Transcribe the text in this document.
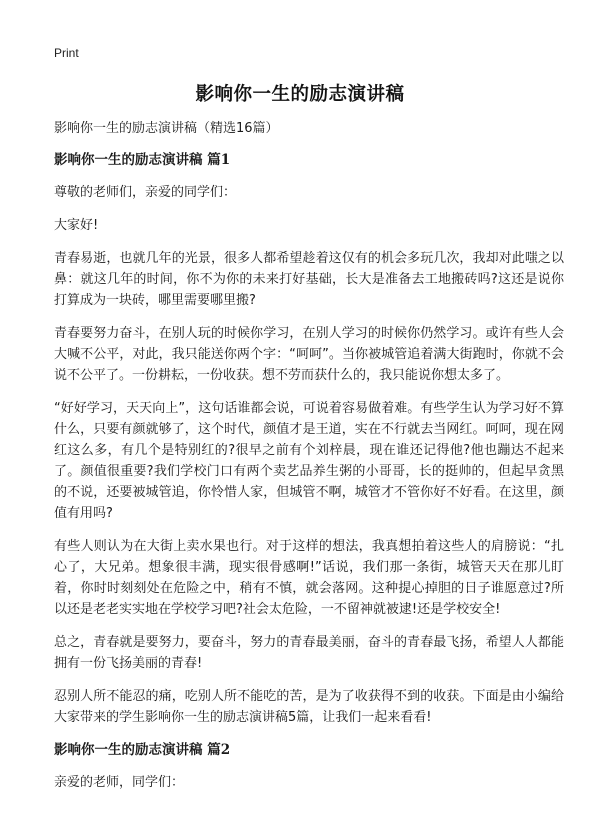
Print
影响你一生的励志演讲稿

影响你一生的励志演讲稿（精选16篇）

影响你一生的励志演讲稿 篇1

尊敬的老师们，亲爱的同学们：

大家好!

青春易逝，也就几年的光景，很多人都希望趁着这仅有的机会多玩几次，我却对此嗤之以鼻：就这几年的时间，你不为你的未来打好基础，长大是准备去工地搬砖吗?这还是说你打算成为一块砖，哪里需要哪里搬?

青春要努力奋斗，在别人玩的时候你学习，在别人学习的时候你仍然学习。或许有些人会大喊不公平，对此，我只能送你两个字：“呵呵”。当你被城管追着满大街跑时，你就不会说不公平了。一份耕耘，一份收获。想不劳而获什么的，我只能说你想太多了。

“好好学习，天天向上”，这句话谁都会说，可说着容易做着难。有些学生认为学习好不算什么，只要有颜就够了，这个时代，颜值才是王道，实在不行就去当网红。呵呵，现在网红这么多，有几个是特别红的?很早之前有个刘梓晨，现在谁还记得他?他也蹦达不起来了。颜值很重要?我们学校门口有两个卖艺品养生粥的小哥哥，长的挺帅的，但起早贪黑的不说，还要被城管追，你怜惜人家，但城管不啊，城管才不管你好不好看。在这里，颜值有用吗?

有些人则认为在大街上卖水果也行。对于这样的想法，我真想拍着这些人的肩膀说：“扎心了，大兄弟。想象很丰满，现实很骨感啊!”话说，我们那一条街，城管天天在那儿盯着，你时时刻刻处在危险之中，稍有不慎，就会落网。这种提心掉胆的日子谁愿意过?所以还是老老实实地在学校学习吧?社会太危险，一不留神就被逮!还是学校安全!

总之，青春就是要努力，要奋斗，努力的青春最美丽，奋斗的青春最飞扬，希望人人都能拥有一份飞扬美丽的青春!

忍别人所不能忍的痛，吃别人所不能吃的苦，是为了收获得不到的收获。下面是由小编给大家带来的学生影响你一生的励志演讲稿5篇，让我们一起来看看!

影响你一生的励志演讲稿 篇2

亲爱的老师，同学们：
